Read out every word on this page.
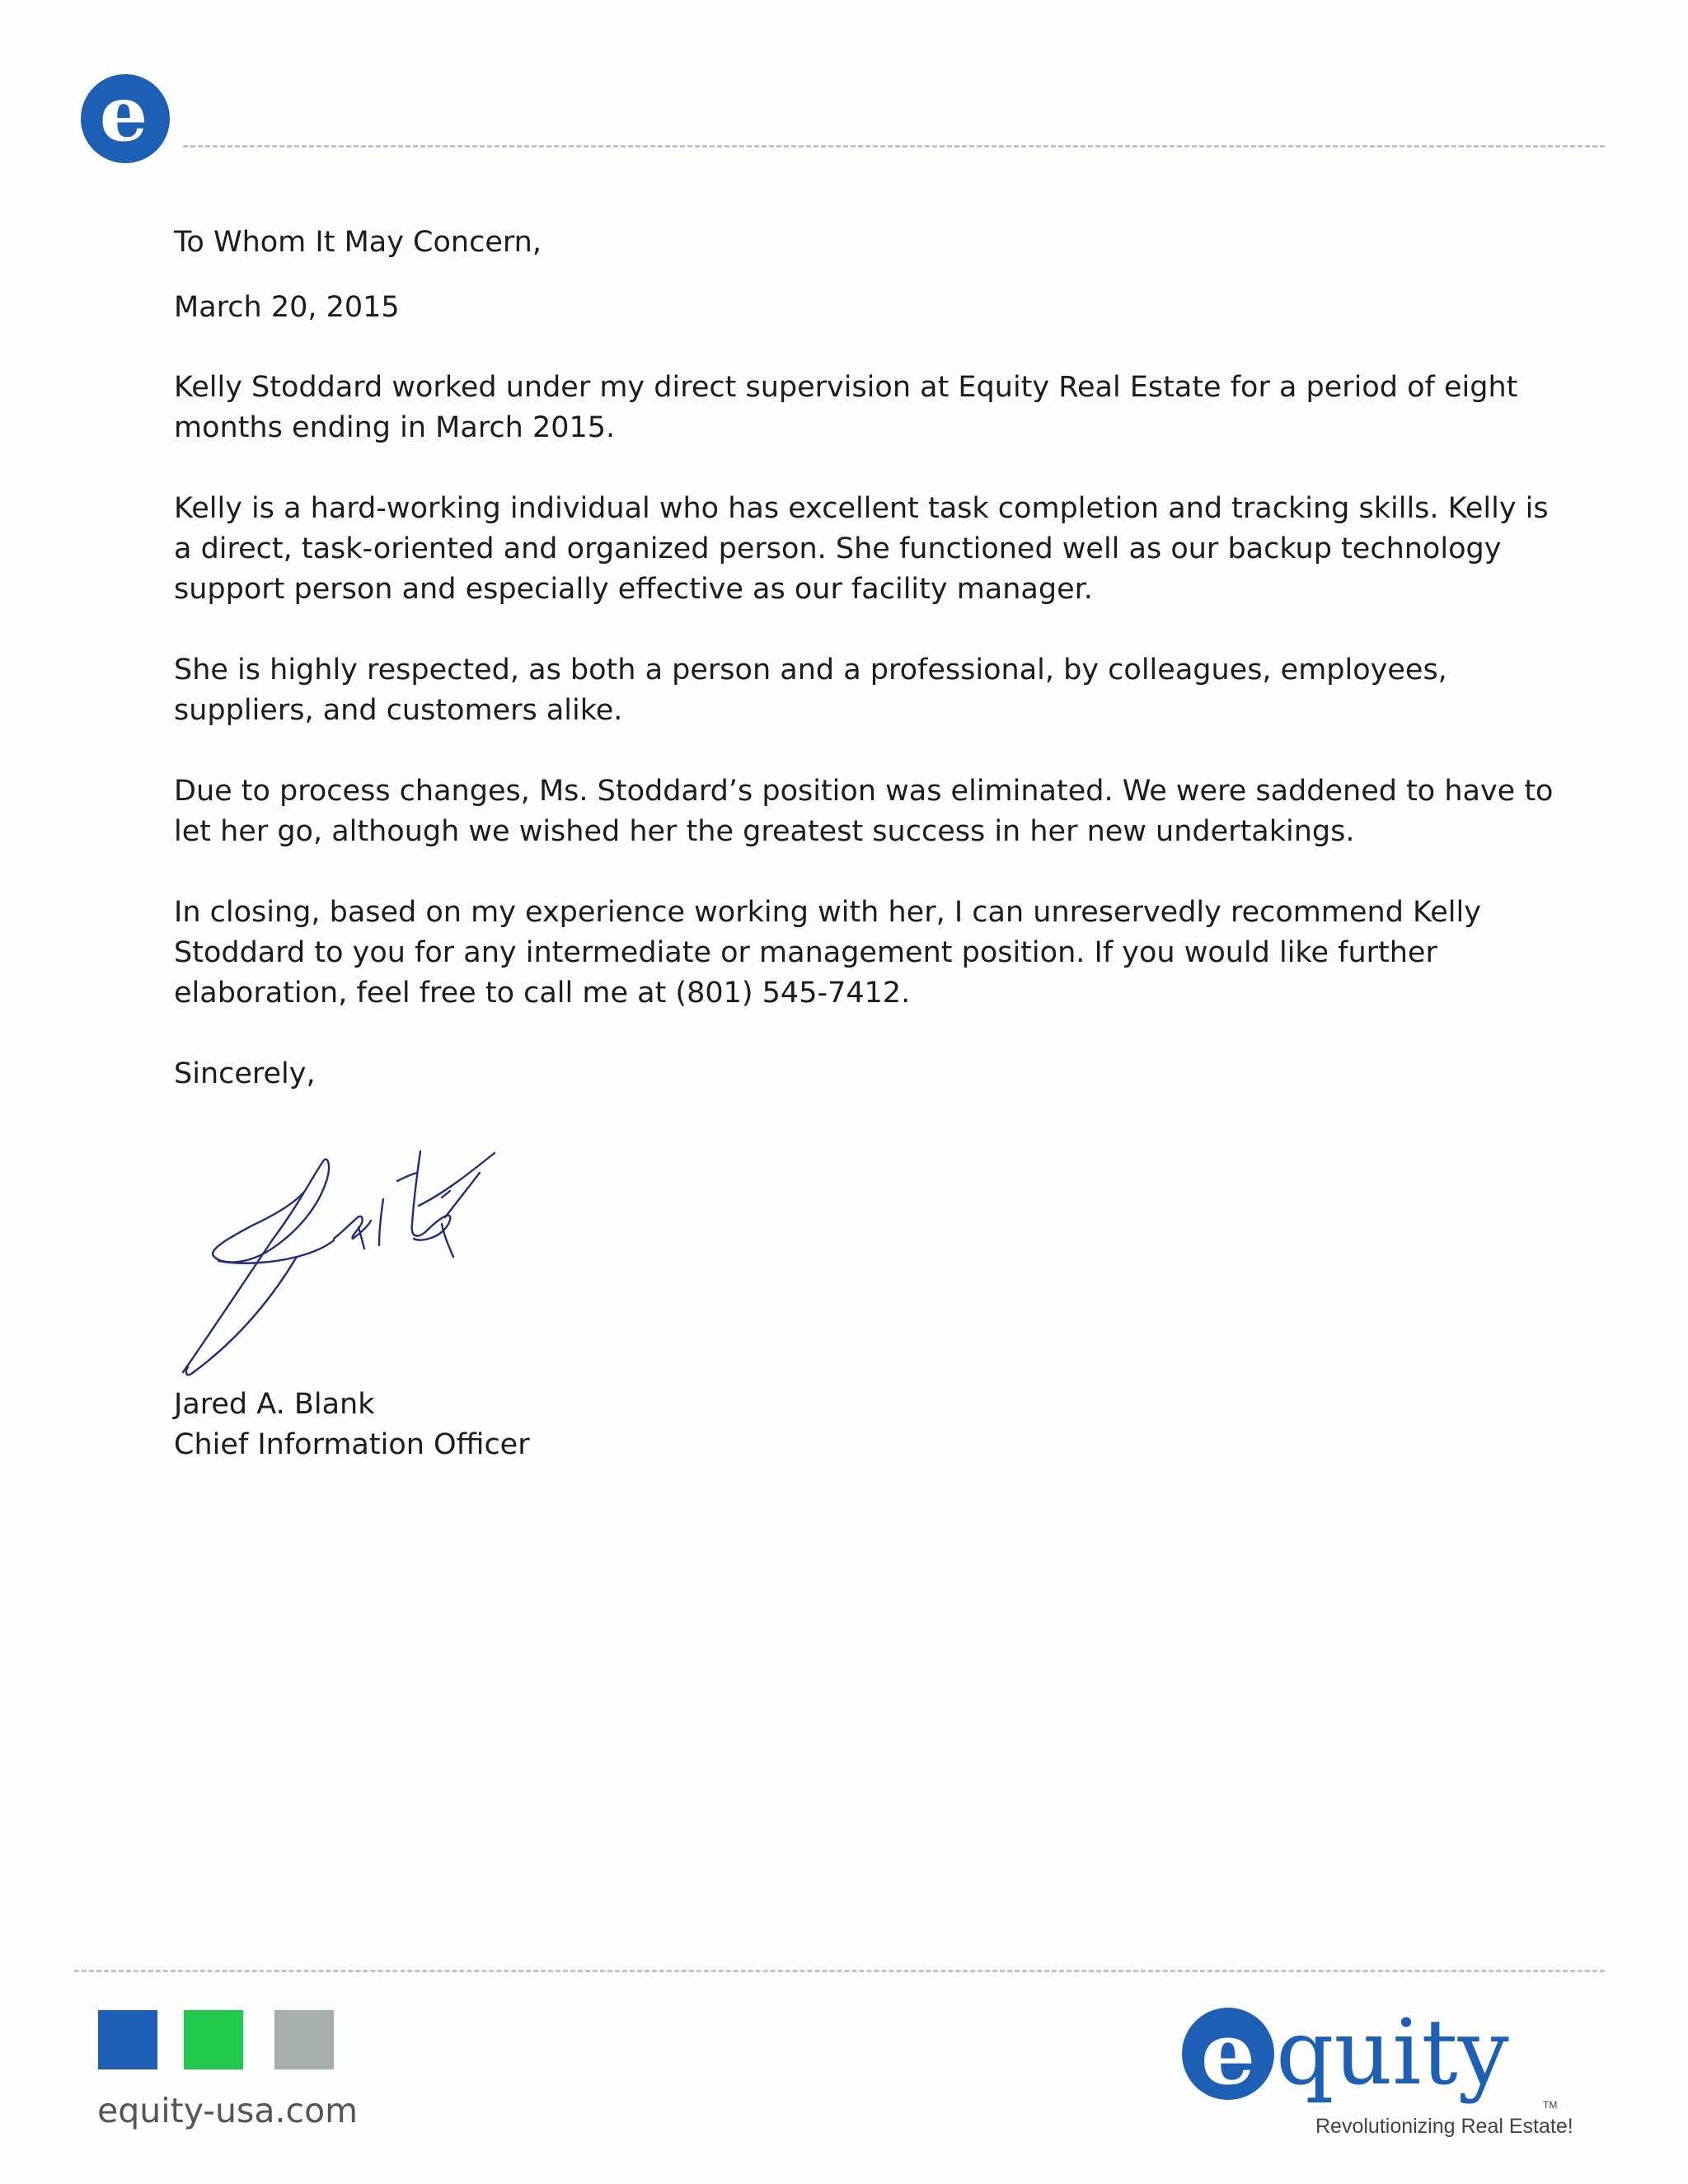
e

To Whom It May Concern,

March 20, 2015

Kelly Stoddard worked under my direct supervision at Equity Real Estate for a period of eight months ending in March 2015.

Kelly is a hard-working individual who has excellent task completion and tracking skills. Kelly is a direct, task-oriented and organized person. She functioned well as our backup technology support person and especially effective as our facility manager.

She is highly respected, as both a person and a professional, by colleagues, employees, suppliers, and customers alike.

Due to process changes, Ms. Stoddard’s position was eliminated. We were saddened to have to let her go, although we wished her the greatest success in her new undertakings.

In closing, based on my experience working with her, I can unreservedly recommend Kelly Stoddard to you for any intermediate or management position. If you would like further elaboration, feel free to call me at (801) 545-7412.

Sincerely,

Jared A. Blank

Chief Information Officer

equity-usa.com
e quity	TM
Revolutionizing Real Estate!
